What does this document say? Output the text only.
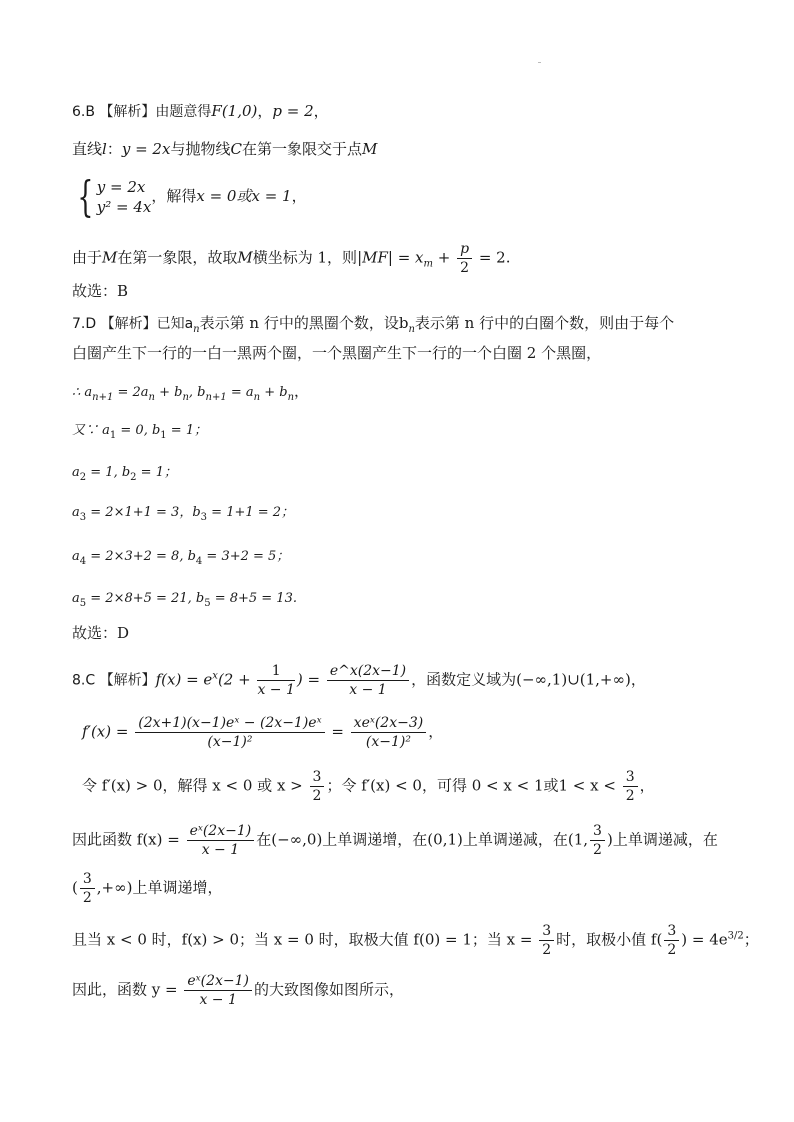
6.B 【解析】由题意得F(1,0)，p = 2，
直线l：y = 2x与抛物线C在第一象限交于点M
{ y = 2x
y² = 4x
，解得x = 0或x = 1，
由于M在第一象限，故取M横坐标为 1，则$|MF| = x_m + \frac{p}{2} = 2$.
故选：B
7.D 【解析】已知$a_n$表示第 n 行中的黑圈个数，设$b_n$表示第 n 行中的白圈个数，则由于每个
白圈产生下一行的一白一黑两个圈，一个黑圈产生下一行的一个白圈 2 个黑圈，
∴ $a_{n+1} = 2a_n + b_n$, $b_{n+1} = a_n + b_n$，
又∵ $a_1 = 0$, $b_1 = 1$；
$a_2 = 1$, $b_2 = 1$；
$a_3 = 2\times 1+1 = 3$，$b_3 = 1+1 = 2$；
$a_4 = 2\times 3+2 = 8$, $b_4 = 3+2 = 5$；
$a_5 = 2\times 8+5 = 21$, $b_5 = 8+5 = 13$.
故选：D
8.C 【解析】$f(x) = e^x(2 + \frac{1}{x - 1}$ ) = $\frac{e\^{}x(2x-1)}{x - 1}$ ，函数定义域为(−∞,1)∪(1,+∞)，
$f'(x) = \frac{\text{(2x+1)(x−1)eˣ − (2x−1)eˣ}}{\text{(x−1)²}} = \frac{\text{xeˣ(2x−3)}}{\text{(x−1)²}}$ ，
令 f′(x) > 0，解得 x < 0 或 $x > \frac{3}{2}$ ；令 f′(x) < 0，可得 0 < x < 1或$1 < x < \frac{3}{2}$ ，
因此函数 $f(x) = \frac{\text{eˣ(2x−1)}}{x - 1}$ 在(−∞,0)上单调递增，在(0,1)上单调递减，在(1, $\frac{3}{2}$ )上单调递减，在
( $\frac{3}{2}$ ,+∞)上单调递增，
且当 x < 0 时，f(x) > 0；当 x = 0 时，取极大值 f(0) = 1；当 $x = \frac{3}{2}$ 时，取极小值 $f( \frac{3}{2}$ ) = $4e^{3/2}$；
因此，函数 $y = \frac{\text{eˣ(2x−1)}}{x - 1}$ 的大致图像如图所示，
